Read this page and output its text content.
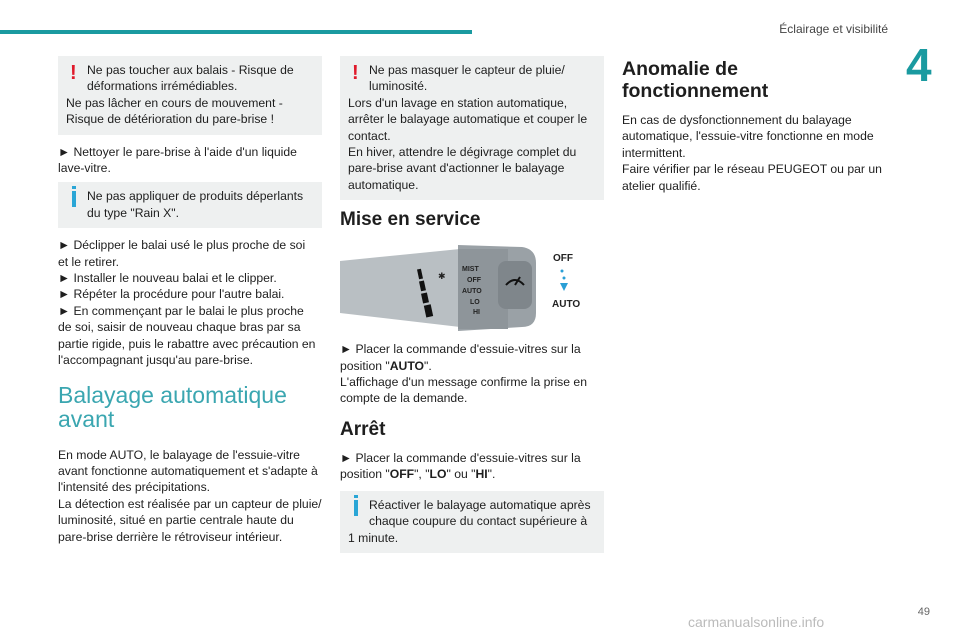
Éclairage et visibilité
4
! Ne pas toucher aux balais - Risque de
déformations irrémédiables.
Ne pas lâcher en cours de mouvement -
Risque de détérioration du pare-brise !

► Nettoyer le pare-brise à l'aide d'un liquide
lave-vitre.

Ne pas appliquer de produits déperlants
du type "Rain X".

► Déclipper le balai usé le plus proche de soi
et le retirer.
► Installer le nouveau balai et le clipper.
► Répéter la procédure pour l'autre balai.
► En commençant par le balai le plus proche
de soi, saisir de nouveau chaque bras par sa
partie rigide, puis le rabattre avec précaution en
l'accompagnant jusqu'au pare-brise.

Balayage automatique
avant

En mode AUTO, le balayage de l'essuie-vitre
avant fonctionne automatiquement et s'adapte à
l'intensité des précipitations.
La détection est réalisée par un capteur de pluie/
luminosité, situé en partie centrale haute du
pare-brise derrière le rétroviseur intérieur.

! Ne pas masquer le capteur de pluie/
luminosité.
Lors d'un lavage en station automatique,
arrêter le balayage automatique et couper le
contact.
En hiver, attendre le dégivrage complet du
pare-brise avant d'actionner le balayage
automatique.
Mise en service
✱
MIST
OFF
AUTO
LO
HI
OFF
AUTO

► Placer la commande d'essuie-vitres sur la
position "AUTO".
L'affichage d'un message confirme la prise en
compte de la demande.

Arrêt

► Placer la commande d'essuie-vitres sur la
position "OFF", "LO" ou "HI".

Réactiver le balayage automatique après
chaque coupure du contact supérieure à
1 minute.
Anomalie de
fonctionnement

En cas de dysfonctionnement du balayage
automatique, l'essuie-vitre fonctionne en mode
intermittent.
Faire vérifier par le réseau PEUGEOT ou par un
atelier qualifié.

49
carmanualsonline.info
